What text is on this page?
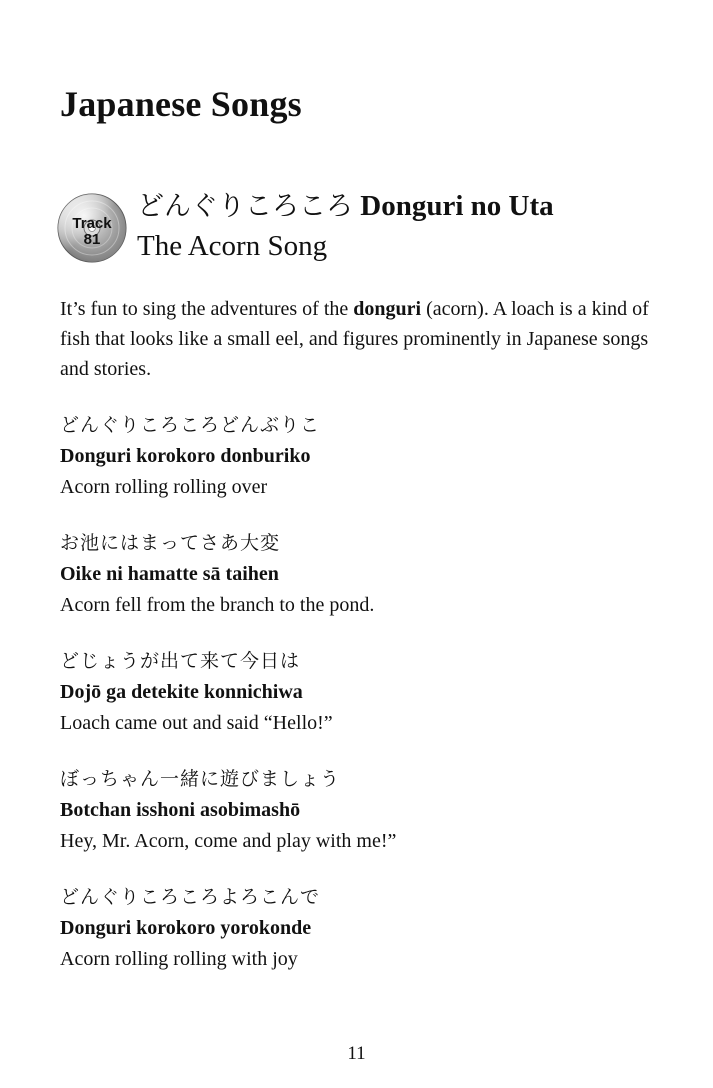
Japanese Songs
Track
81
どんぐりころころ Donguri no Uta
The Acorn Song

It’s fun to sing the adventures of the donguri (acorn). A loach is a kind of fish that looks like a small eel, and figures prominently in Japanese songs and stories.

どんぐりころころどんぶりこ

Donguri korokoro donburiko

Acorn rolling rolling over

お池にはまってさあ大変

Oike ni hamatte sā taihen

Acorn fell from the branch to the pond.

どじょうが出て来て今日は

Dojō ga detekite konnichiwa

Loach came out and said “Hello!”

ぼっちゃん一緒に遊びましょう

Botchan isshoni asobimashō

Hey, Mr. Acorn, come and play with me!”

どんぐりころころよろこんで

Donguri korokoro yorokonde

Acorn rolling rolling with joy

11
